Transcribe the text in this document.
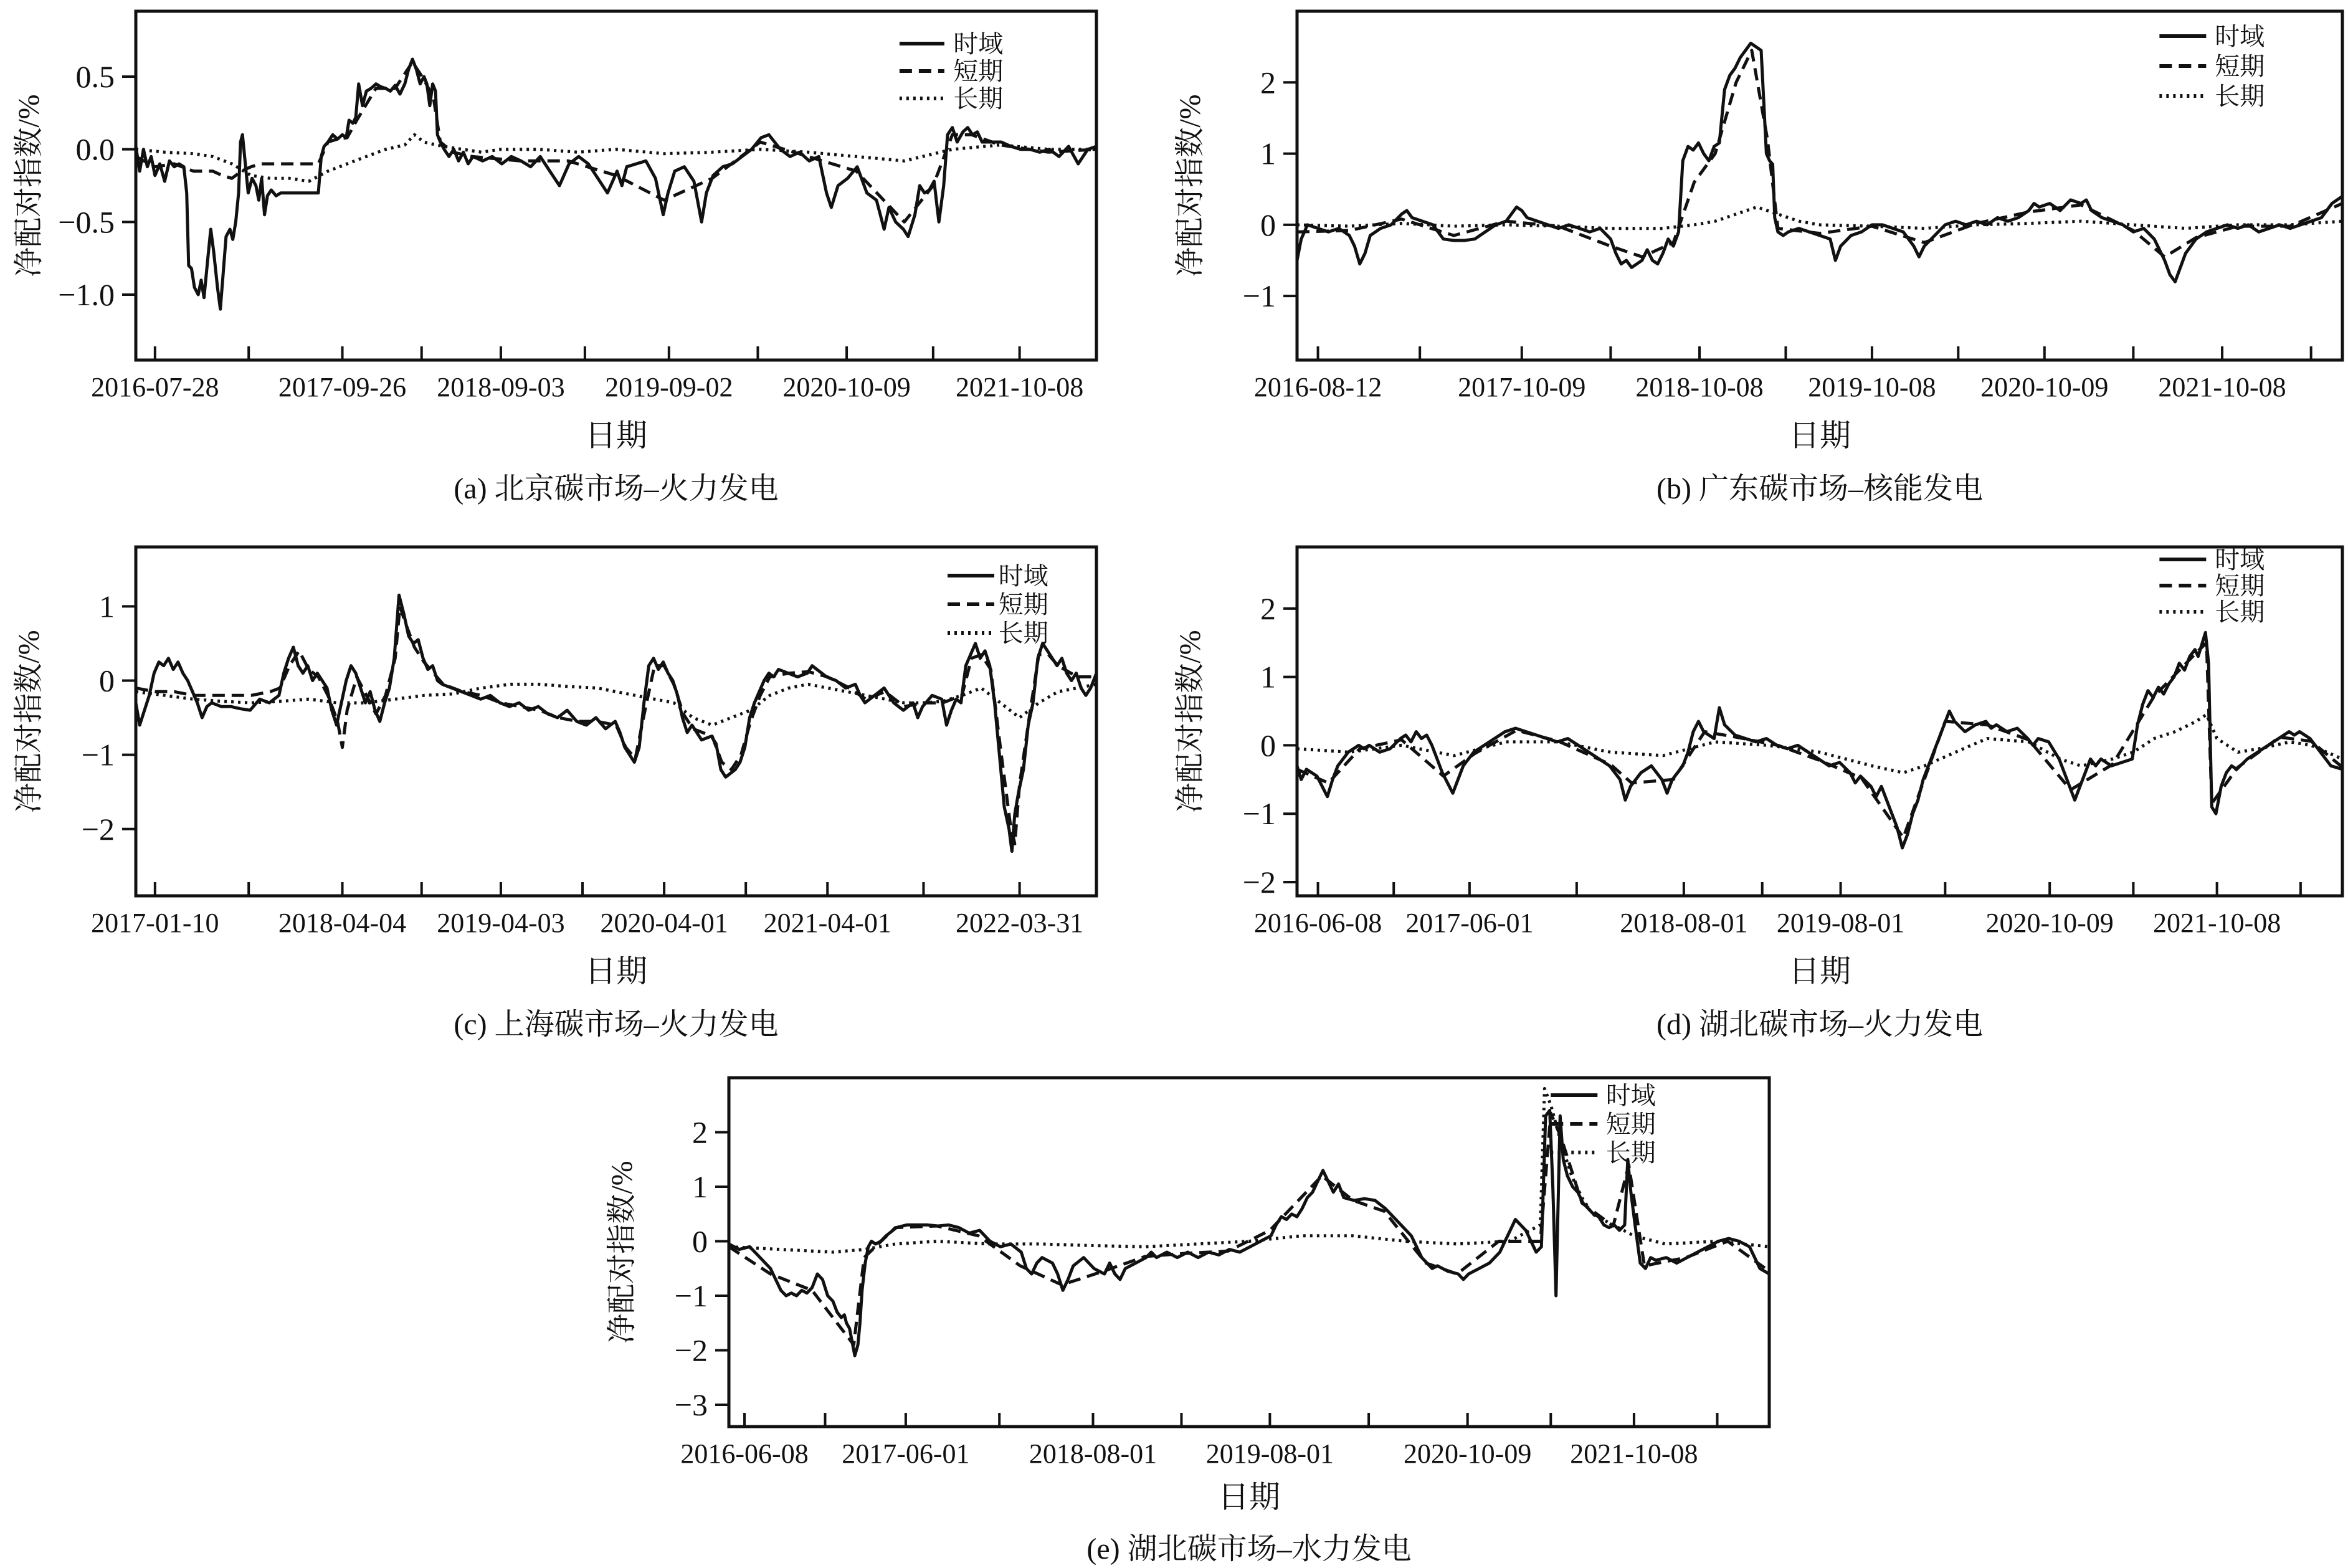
净配对指数/%
0.5
0.0
−0.5
−1.0
2016-07-28 2017-09-26 2018-09-03 2019-09-02 2020-10-09 2021-10-08
时域
短期
长期
日期
(a) 北京碳市场–火力发电
净配对指数/%
2
1
0
−1
2016-08-12	2017-10-09 2018-10-08 2019-10-08 2020-10-09 2021-10-08
时域
短期
长期
日期
(b) 广东碳市场–核能发电
净配对指数/%
1
0
−1
−2
2017-01-10 2018-04-04 2019-04-03 2020-04-01 2021-04-01 2022-03-31
时域
短期
长期
日期
(c) 上海碳市场–火力发电
净配对指数/%
2
1
0
−1
−2
2016-06-08 2017-06-01	2018-08-01 2019-08-01	2020-10-09 2021-10-08
时域
短期
长期
日期
(d) 湖北碳市场–火力发电
净配对指数/%
2
1
0
−1
−2
−3
2016-06-08 2017-06-01 2018-08-01 2019-08-01	2020-10-09 2021-10-08
时域
短期
长期
日期
(e) 湖北碳市场–水力发电
